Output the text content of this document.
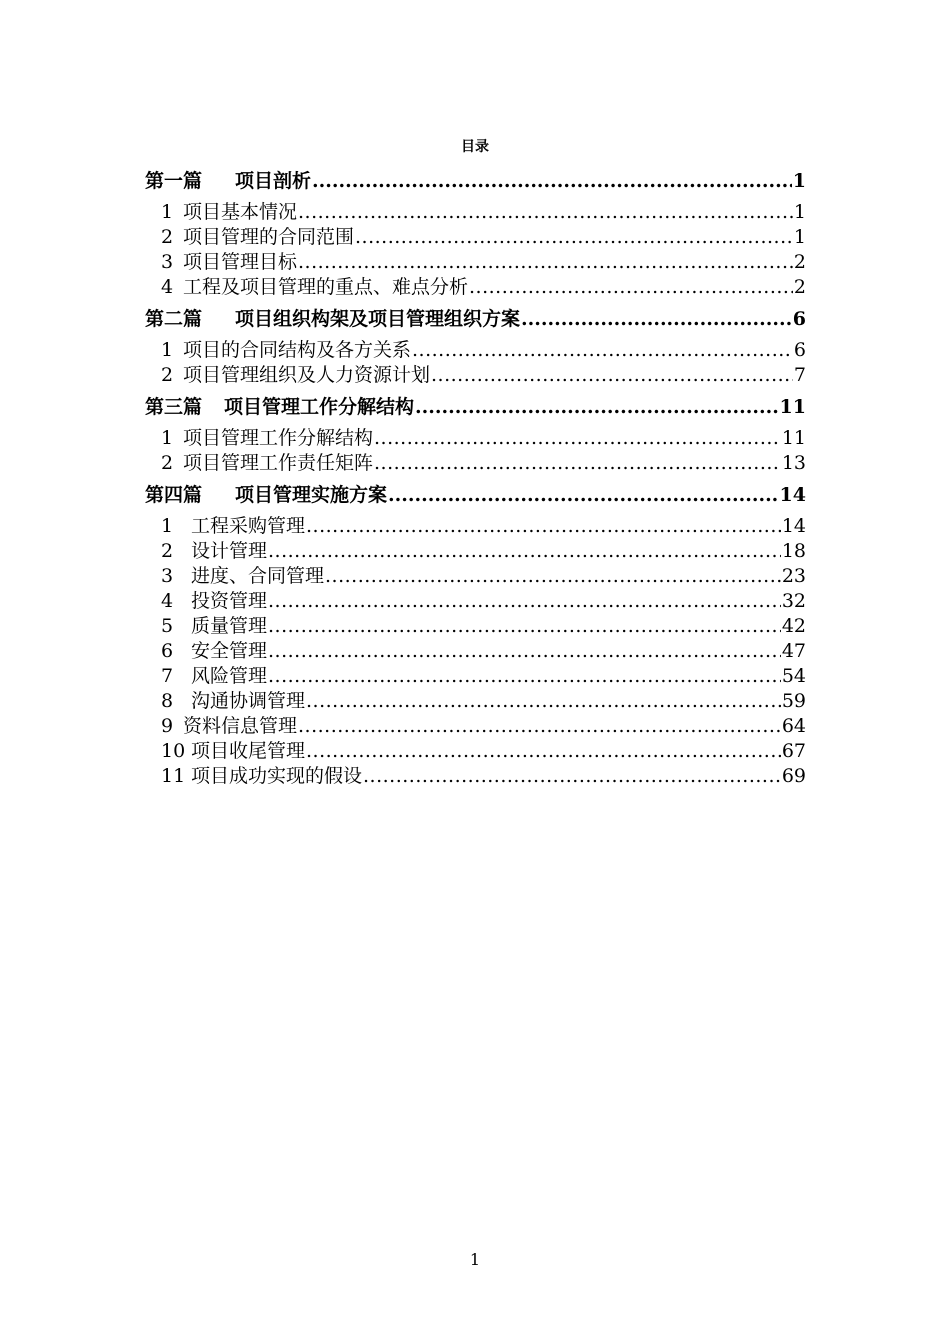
目录
第一篇 项目剖析 .....	1
1 项目基本情况 .....	1
2 项目管理的合同范围 .....	1
3 项目管理目标 .....	2
4 工程及项目管理的重点、难点分析 .....	2
第二篇 项目组织构架及项目管理组织方案 .....	6
1 项目的合同结构及各方关系 .....	6
2 项目管理组织及人力资源计划 .....	7
第三篇 项目管理工作分解结构 .....	11
1 项目管理工作分解结构 .....	11
2 项目管理工作责任矩阵 .....	13
第四篇 项目管理实施方案 .....	14
1 工程采购管理 .....	14
2 设计管理 .....	18
3 进度、合同管理 .....	23
4 投资管理 .....	32
5 质量管理 .....	42
6 安全管理 .....	47
7 风险管理 .....	54
8 沟通协调管理 .....	59
9 资料信息管理 .....	64
10 项目收尾管理 .....	67
11 项目成功实现的假设 .....	69
1
